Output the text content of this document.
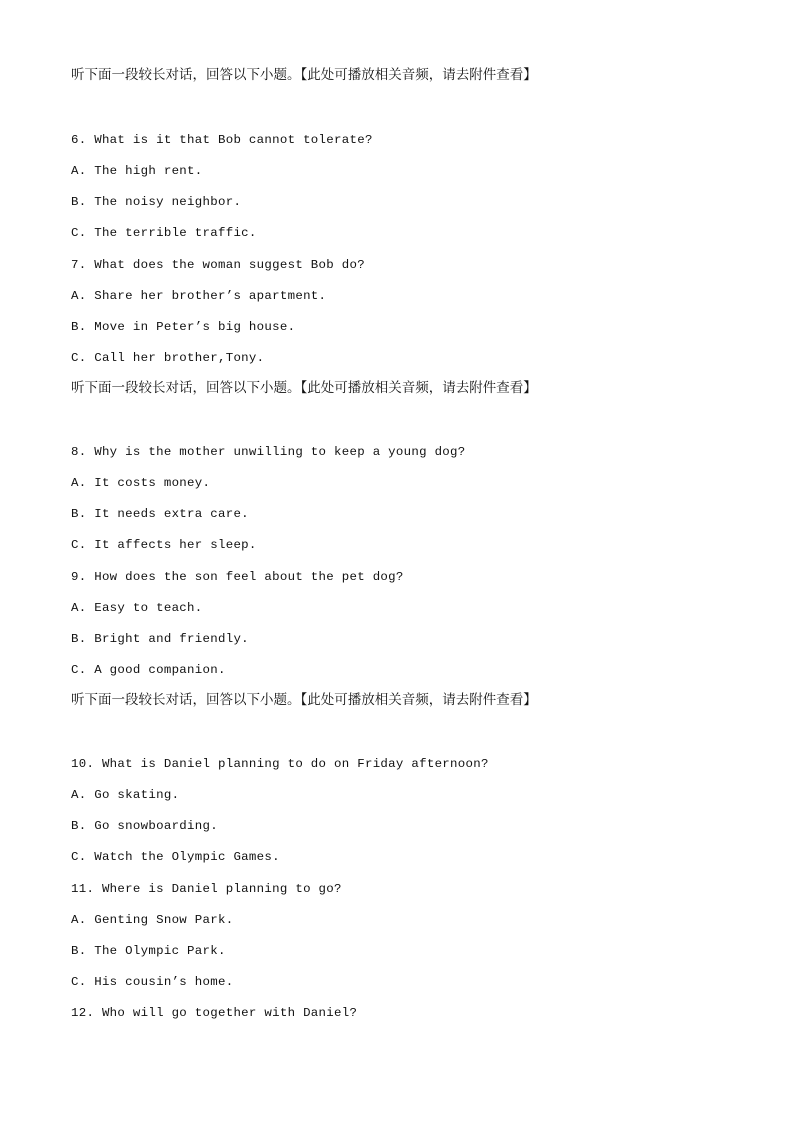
听下面一段较长对话，回答以下小题。【此处可播放相关音频，请去附件查看】
6. What is it that Bob cannot tolerate?
A. The high rent.
B. The noisy neighbor.
C. The terrible traffic.
7. What does the woman suggest Bob do?
A. Share her brother’s apartment.
B. Move in Peter’s big house.
C. Call her brother,Tony.
听下面一段较长对话，回答以下小题。【此处可播放相关音频，请去附件查看】
8. Why is the mother unwilling to keep a young dog?
A. It costs money.
B. It needs extra care.
C. It affects her sleep.
9. How does the son feel about the pet dog?
A. Easy to teach.
B. Bright and friendly.
C. A good companion.
听下面一段较长对话，回答以下小题。【此处可播放相关音频，请去附件查看】
10. What is Daniel planning to do on Friday afternoon?
A. Go skating.
B. Go snowboarding.
C. Watch the Olympic Games.
11. Where is Daniel planning to go?
A. Genting Snow Park.
B. The Olympic Park.
C. His cousin’s home.
12. Who will go together with Daniel?
